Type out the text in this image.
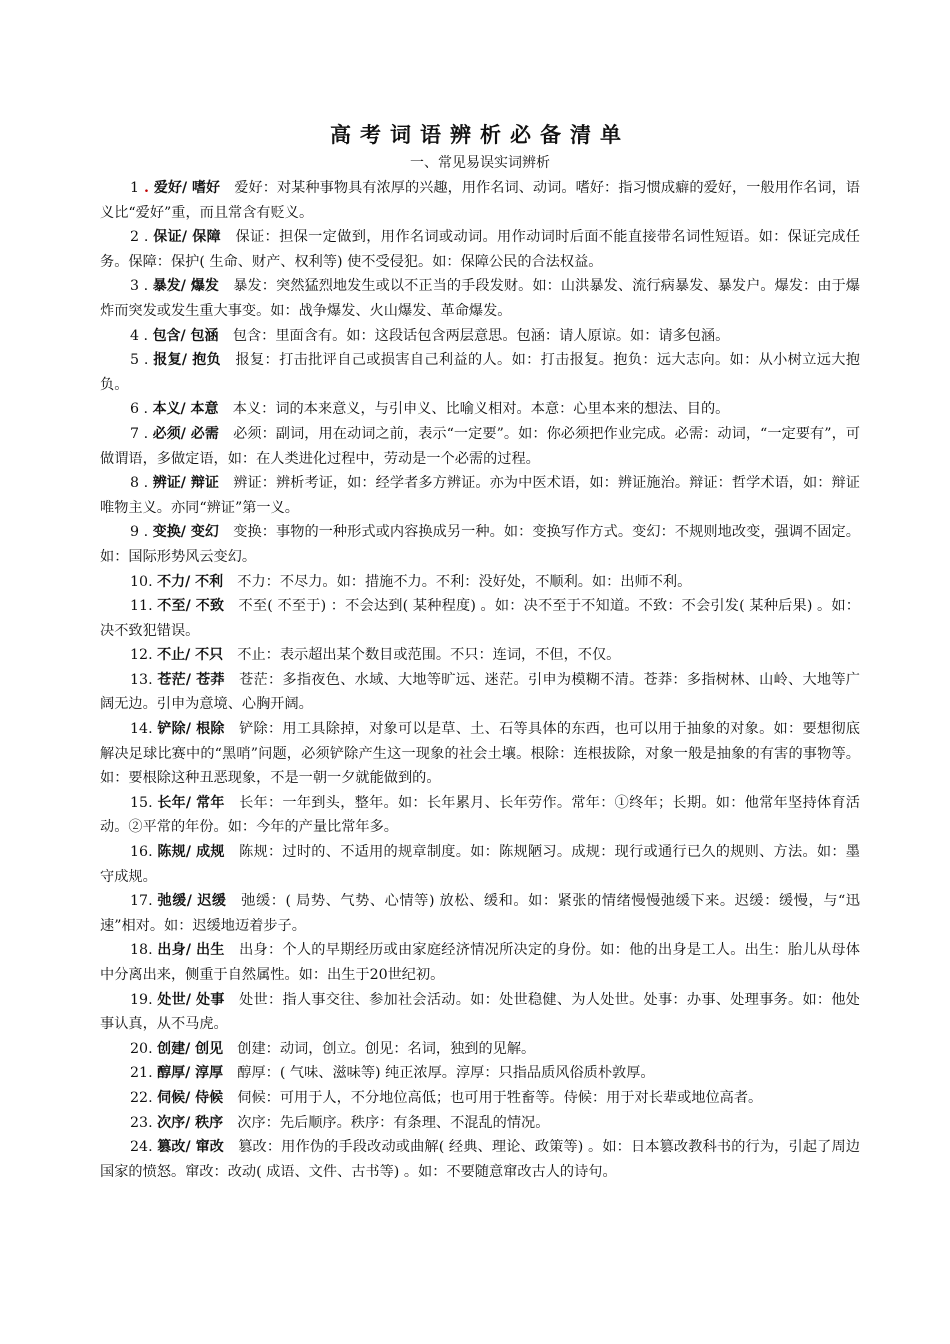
高考词语辨析必备清单
一、常见易误实词辨析

1 . 爱好/ 嗜好  爱好：对某种事物具有浓厚的兴趣，用作名词、动词。嗜好：指习惯成癖的爱好，一般用作名词，语义比“爱好”重，而且常含有贬义。

2 . 保证/ 保障  保证：担保一定做到，用作名词或动词。用作动词时后面不能直接带名词性短语。如：保证完成任务。保障：保护( 生命、财产、权利等) 使不受侵犯。如：保障公民的合法权益。

3 . 暴发/ 爆发  暴发：突然猛烈地发生或以不正当的手段发财。如：山洪暴发、流行病暴发、暴发户。爆发：由于爆炸而突发或发生重大事变。如：战争爆发、火山爆发、革命爆发。

4 . 包含/ 包涵  包含：里面含有。如：这段话包含两层意思。包涵：请人原谅。如：请多包涵。

5 . 报复/ 抱负  报复：打击批评自己或损害自己利益的人。如：打击报复。抱负：远大志向。如：从小树立远大抱负。

6 . 本义/ 本意  本义：词的本来意义，与引申义、比喻义相对。本意：心里本来的想法、目的。

7 . 必须/ 必需  必须：副词，用在动词之前，表示“一定要”。如：你必须把作业完成。必需：动词，“一定要有”，可做谓语，多做定语，如：在人类进化过程中，劳动是一个必需的过程。

8 . 辨证/ 辩证  辨证：辨析考证，如：经学者多方辨证。亦为中医术语，如：辨证施治。辩证：哲学术语，如：辩证唯物主义。亦同“辨证”第一义。

9 . 变换/ 变幻  变换：事物的一种形式或内容换成另一种。如：变换写作方式。变幻：不规则地改变，强调不固定。如：国际形势风云变幻。

10. 不力/ 不利  不力：不尽力。如：措施不力。不利：没好处，不顺利。如：出师不利。

11. 不至/ 不致  不至( 不至于) ：不会达到( 某种程度) 。如：决不至于不知道。不致：不会引发( 某种后果) 。如：决不致犯错误。

12. 不止/ 不只  不止：表示超出某个数目或范围。不只：连词，不但，不仅。

13. 苍茫/ 苍莽  苍茫：多指夜色、水域、大地等旷远、迷茫。引申为模糊不清。苍莽：多指树林、山岭、大地等广阔无边。引申为意境、心胸开阔。

14. 铲除/ 根除  铲除：用工具除掉，对象可以是草、土、石等具体的东西，也可以用于抽象的对象。如：要想彻底解决足球比赛中的“黑哨”问题，必须铲除产生这一现象的社会土壤。根除：连根拔除，对象一般是抽象的有害的事物等。如：要根除这种丑恶现象，不是一朝一夕就能做到的。

15. 长年/ 常年  长年：一年到头，整年。如：长年累月、长年劳作。常年：①终年；长期。如：他常年坚持体育活动。②平常的年份。如：今年的产量比常年多。

16. 陈规/ 成规  陈规：过时的、不适用的规章制度。如：陈规陋习。成规：现行或通行已久的规则、方法。如：墨守成规。

17. 弛缓/ 迟缓  弛缓：( 局势、气势、心情等) 放松、缓和。如：紧张的情绪慢慢弛缓下来。迟缓：缓慢，与“迅速”相对。如：迟缓地迈着步子。

18. 出身/ 出生  出身：个人的早期经历或由家庭经济情况所决定的身份。如：他的出身是工人。出生：胎儿从母体中分离出来，侧重于自然属性。如：出生于20世纪初。

19. 处世/ 处事  处世：指人事交往、参加社会活动。如：处世稳健、为人处世。处事：办事、处理事务。如：他处事认真，从不马虎。

20. 创建/ 创见  创建：动词，创立。创见：名词，独到的见解。

21. 醇厚/ 淳厚  醇厚：( 气味、滋味等) 纯正浓厚。淳厚：只指品质风俗质朴敦厚。

22. 伺候/ 侍候  伺候：可用于人，不分地位高低；也可用于牲畜等。侍候：用于对长辈或地位高者。

23. 次序/ 秩序  次序：先后顺序。秩序：有条理、不混乱的情况。

24. 篡改/ 窜改  篡改：用作伪的手段改动或曲解( 经典、理论、政策等) 。如：日本篡改教科书的行为，引起了周边国家的愤怒。窜改：改动( 成语、文件、古书等) 。如：不要随意窜改古人的诗句。
